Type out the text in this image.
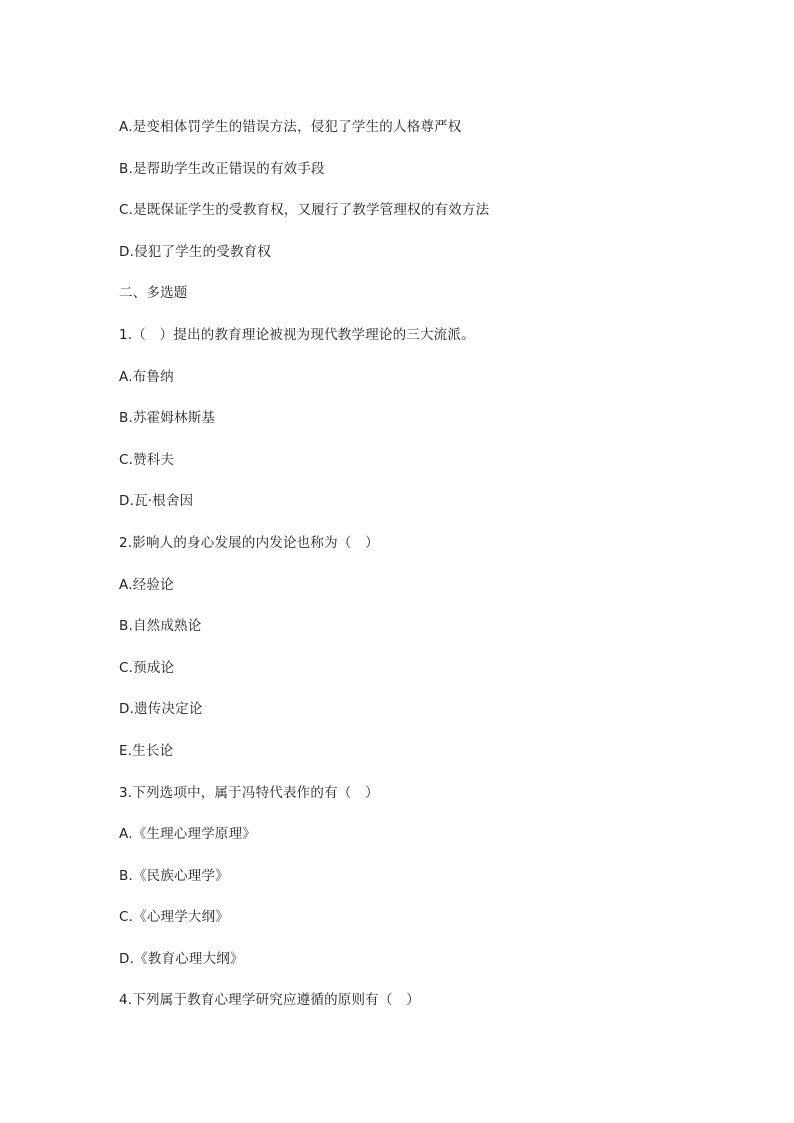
A.是变相体罚学生的错误方法，侵犯了学生的人格尊严权
B.是帮助学生改正错误的有效手段
C.是既保证学生的受教育权，又履行了教学管理权的有效方法
D.侵犯了学生的受教育权
二、多选题
1.（　）提出的教育理论被视为现代教学理论的三大流派。
A.布鲁纳
B.苏霍姆林斯基
C.赞科夫
D.瓦·根舍因
2.影响人的身心发展的内发论也称为（　）
A.经验论
B.自然成熟论
C.预成论
D.遗传决定论
E.生长论
3.下列选项中，属于冯特代表作的有（　）
A.《生理心理学原理》
B.《民族心理学》
C.《心理学大纲》
D.《教育心理大纲》
4.下列属于教育心理学研究应遵循的原则有（　）
